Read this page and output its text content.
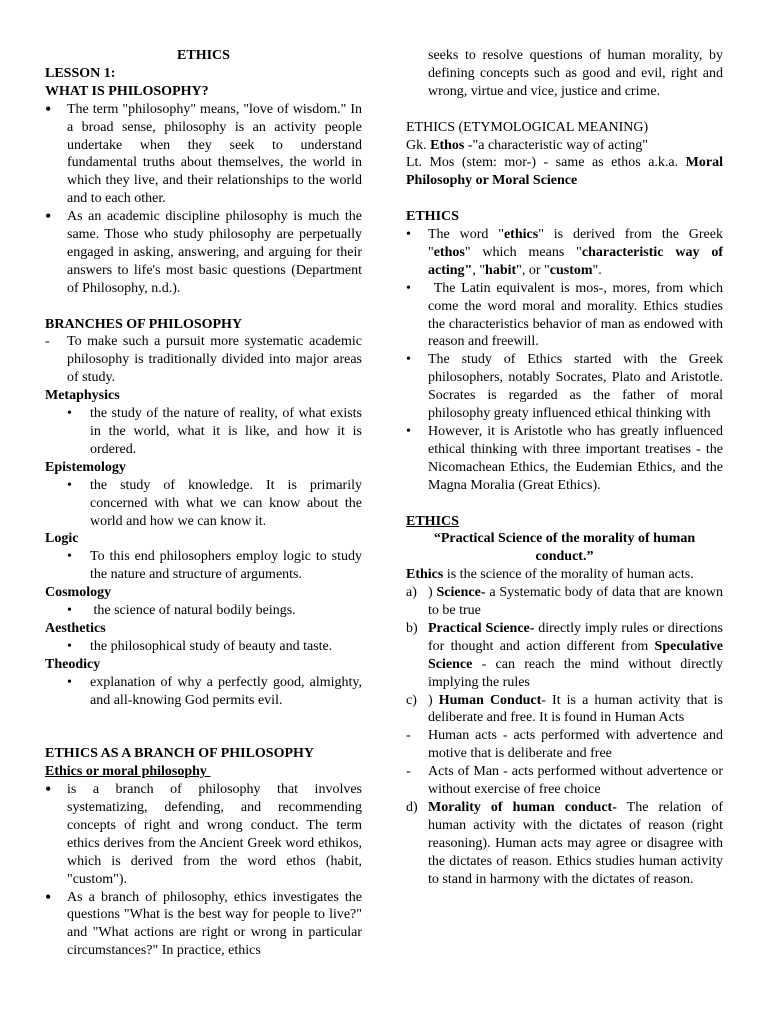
ETHICS
LESSON 1:
WHAT IS PHILOSOPHY?
• The term "philosophy" means, "love of wisdom." In a broad sense, philosophy is an activity people undertake when they seek to understand fundamental truths about themselves, the world in which they live, and their relationships to the world and to each other.
• As an academic discipline philosophy is much the same. Those who study philosophy are perpetually engaged in asking, answering, and arguing for their answers to life's most basic questions (Department of Philosophy, n.d.).
BRANCHES OF PHILOSOPHY
- To make such a pursuit more systematic academic philosophy is traditionally divided into major areas of study.
Metaphysics
• the study of the nature of reality, of what exists in the world, what it is like, and how it is ordered.
Epistemology
• the study of knowledge. It is primarily concerned with what we can know about the world and how we can know it.
Logic
• To this end philosophers employ logic to study the nature and structure of arguments.
Cosmology
• the science of natural bodily beings.
Aesthetics
• the philosophical study of beauty and taste.
Theodicy
• explanation of why a perfectly good, almighty, and all-knowing God permits evil.
ETHICS AS A BRANCH OF PHILOSOPHY
Ethics or moral philosophy
• is a branch of philosophy that involves systematizing, defending, and recommending concepts of right and wrong conduct. The term ethics derives from the Ancient Greek word ethikos, which is derived from the word ethos (habit, "custom").
• As a branch of philosophy, ethics investigates the questions "What is the best way for people to live?" and "What actions are right or wrong in particular circumstances?" In practice, ethics
seeks to resolve questions of human morality, by defining concepts such as good and evil, right and wrong, virtue and vice, justice and crime.
ETHICS (ETYMOLOGICAL MEANING)
Gk. Ethos -"a characteristic way of acting"
Lt. Mos (stem: mor-) - same as ethos a.k.a. Moral Philosophy or Moral Science
ETHICS
• The word "ethics" is derived from the Greek "ethos" which means "characteristic way of acting", "habit", or "custom".
• The Latin equivalent is mos-, mores, from which come the word moral and morality. Ethics studies the characteristics behavior of man as endowed with reason and freewill.
• The study of Ethics started with the Greek philosophers, notably Socrates, Plato and Aristotle. Socrates is regarded as the father of moral philosophy greaty influenced ethical thinking with
• However, it is Aristotle who has greatly influenced ethical thinking with three important treatises - the Nicomachean Ethics, the Eudemian Ethics, and the Magna Moralia (Great Ethics).
ETHICS
“Practical Science of the morality of human conduct.”
Ethics is the science of the morality of human acts.
a) ) Science- a Systematic body of data that are known to be true
b) Practical Science- directly imply rules or directions for thought and action different from Speculative Science - can reach the mind without directly implying the rules
c) ) Human Conduct- It is a human activity that is deliberate and free. It is found in Human Acts
- Human acts - acts performed with advertence and motive that is deliberate and free
- Acts of Man - acts performed without advertence or without exercise of free choice
d) Morality of human conduct- The relation of human activity with the dictates of reason (right reasoning). Human acts may agree or disagree with the dictates of reason. Ethics studies human activity to stand in harmony with the dictates of reason.
